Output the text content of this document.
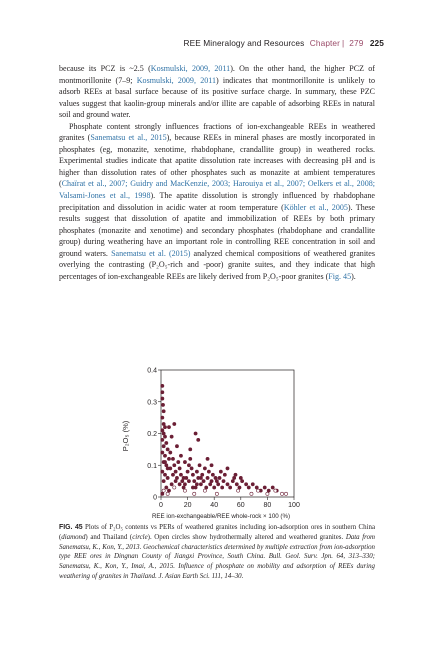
REE Mineralogy and Resources Chapter | 279 225

because its PCZ is ~2.5 (Kosmulski, 2009, 2011). On the other hand, the higher PCZ of montmorillonite (7–9; Kosmulski, 2009, 2011) indicates that montmorillonite is unlikely to adsorb REEs at basal surface because of its positive surface charge. In summary, these PZC values suggest that kaolin-group minerals and/or illite are capable of adsorbing REEs in natural soil and ground water.

Phosphate content strongly influences fractions of ion-exchangeable REEs in weathered granites (Sanematsu et al., 2015), because REEs in mineral phases are mostly incorporated in phosphates (eg, monazite, xenotime, rhabdophane, crandallite group) in weathered rocks. Experimental studies indicate that apatite dissolution rate increases with decreasing pH and is higher than dissolution rates of other phosphates such as monazite at ambient temperatures (Chaïrat et al., 2007; Guidry and MacKenzie, 2003; Harouiya et al., 2007; Oelkers et al., 2008; Valsami-Jones et al., 1998). The apatite dissolution is strongly influenced by rhabdophane precipitation and dissolution in acidic water at room temperature (Köhler et al., 2005). These results suggest that dissolution of apatite and immobilization of REEs by both primary phosphates (monazite and xenotime) and secondary phosphates (rhabdophane and crandallite group) during weathering have an important role in controlling REE concentration in soil and ground waters. Sanematsu et al. (2015) analyzed chemical compositions of weathered granites overlying the contrasting (P₂O₅-rich and -poor) granite suites, and they indicate that high percentages of ion-exchangeable REEs are likely derived from P₂O₅-poor granites (Fig. 45).

0
0.1
0.2
0.3
0.4
0	20	40	60	80 100
P₂O₅ (%)
REE ion-exchangeable/REE whole-rock × 100 (%)
FIG. 45 Plots of P₂O₅ contents vs PERs of weathered granites including ion-adsorption ores in southern China (diamond) and Thailand (circle). Open circles show hydrothermally altered and weathered granites. Data from Sanematsu, K., Kon, Y., 2013. Geochemical characteristics determined by multiple extraction from ion-adsorption type REE ores in Dingnan County of Jiangxi Province, South China. Bull. Geol. Surv. Jpn. 64, 313–330; Sanematsu, K., Kon, Y., Imai, A., 2015. Influence of phosphate on mobility and adsorption of REEs during weathering of granites in Thailand. J. Asian Earth Sci. 111, 14–30.
